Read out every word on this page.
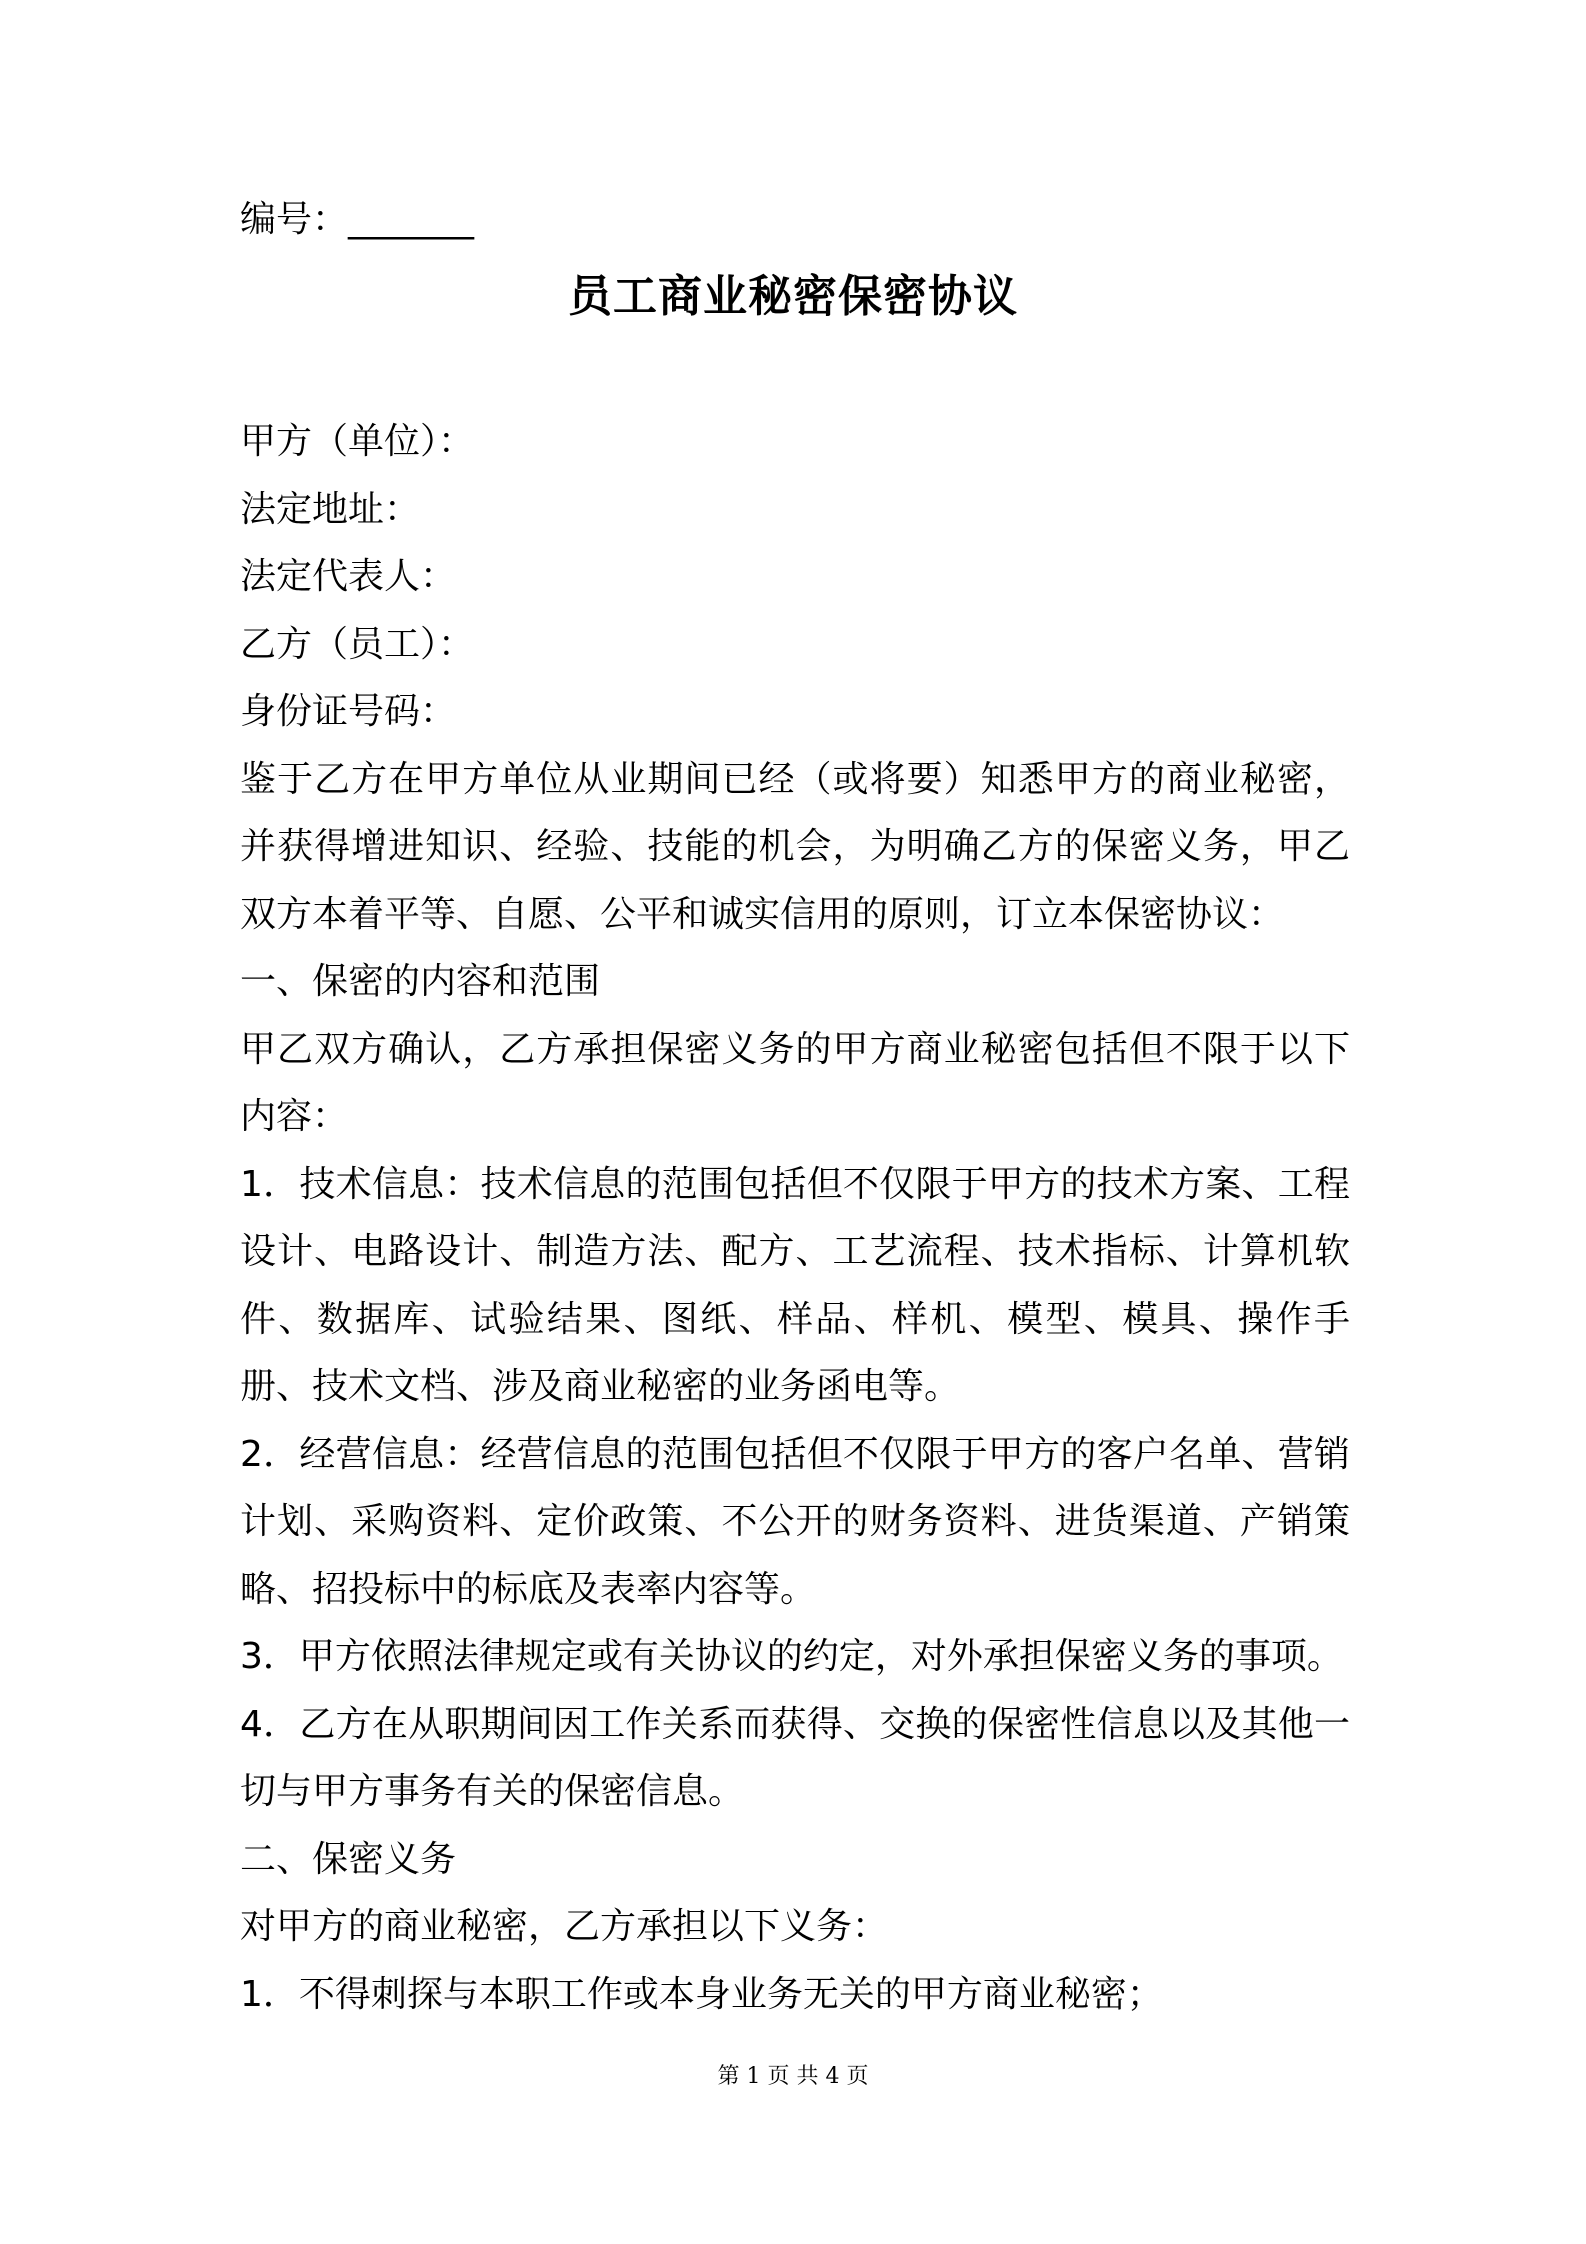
编号：_______
员工商业秘密保密协议

甲方（单位）：

法定地址：

法定代表人：

乙方（员工）：

身份证号码：

鉴于乙方在甲方单位从业期间已经（或将要）知悉甲方的商业秘密，并获得增进知识、经验、技能的机会，为明确乙方的保密义务，甲乙双方本着平等、自愿、公平和诚实信用的原则，订立本保密协议：

一、保密的内容和范围

甲乙双方确认，乙方承担保密义务的甲方商业秘密包括但不限于以下内容：

1．技术信息：技术信息的范围包括但不仅限于甲方的技术方案、工程设计、电路设计、制造方法、配方、工艺流程、技术指标、计算机软件、数据库、试验结果、图纸、样品、样机、模型、模具、操作手册、技术文档、涉及商业秘密的业务函电等。

2．经营信息：经营信息的范围包括但不仅限于甲方的客户名单、营销计划、采购资料、定价政策、不公开的财务资料、进货渠道、产销策略、招投标中的标底及表率内容等。

3．甲方依照法律规定或有关协议的约定，对外承担保密义务的事项。

4．乙方在从职期间因工作关系而获得、交换的保密性信息以及其他一切与甲方事务有关的保密信息。

二、保密义务

对甲方的商业秘密，乙方承担以下义务：

1．不得刺探与本职工作或本身业务无关的甲方商业秘密；

第 1 页 共 4 页
